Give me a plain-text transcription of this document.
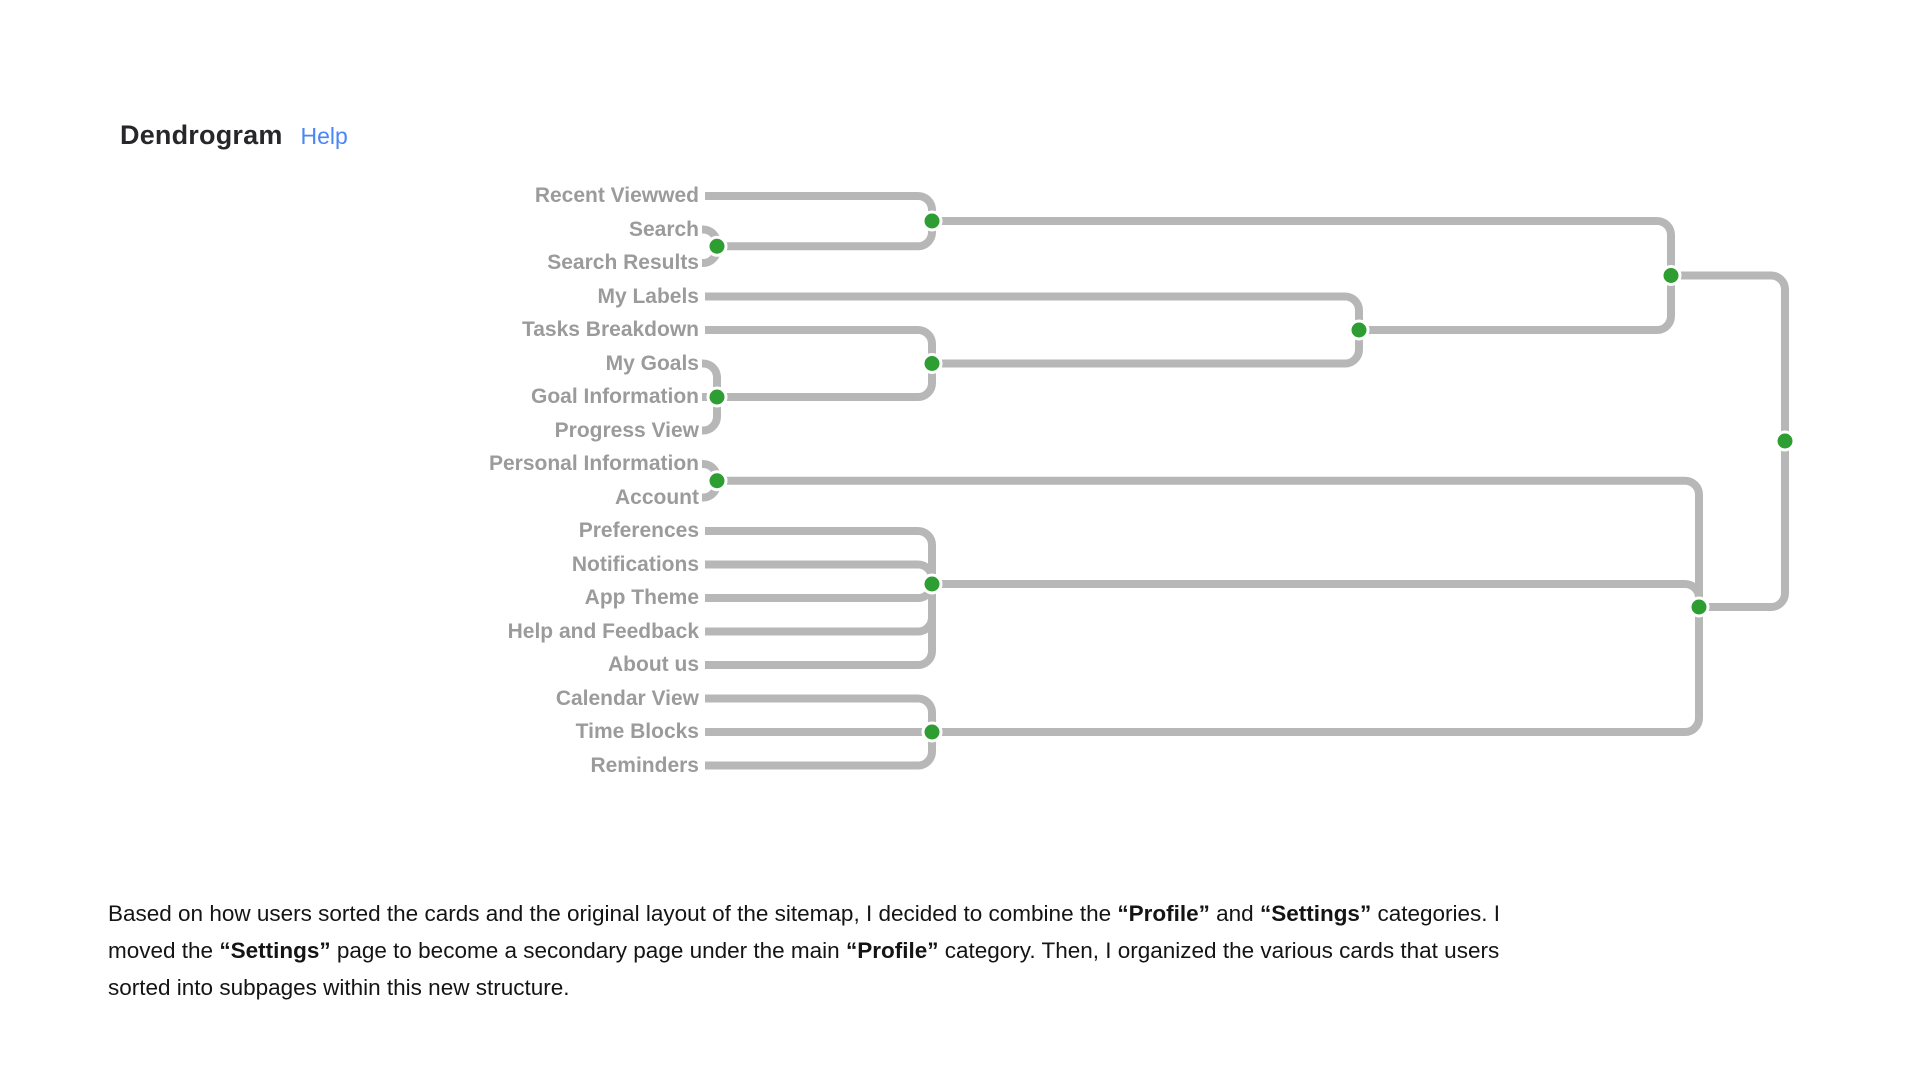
Dendrogram Help
Recent Viewwed
Search
Search Results
My Labels
Tasks Breakdown
My Goals
Goal Information
Progress View
Personal Information
Account
Preferences
Notifications
App Theme
Help and Feedback
About us
Calendar View
Time Blocks
Reminders

Based on how users sorted the cards and the original layout of the sitemap, I decided to combine the “Profile” and “Settings” categories. I
moved the “Settings” page to become a secondary page under the main “Profile” category. Then, I organized the various cards that users
sorted into subpages within this new structure.
